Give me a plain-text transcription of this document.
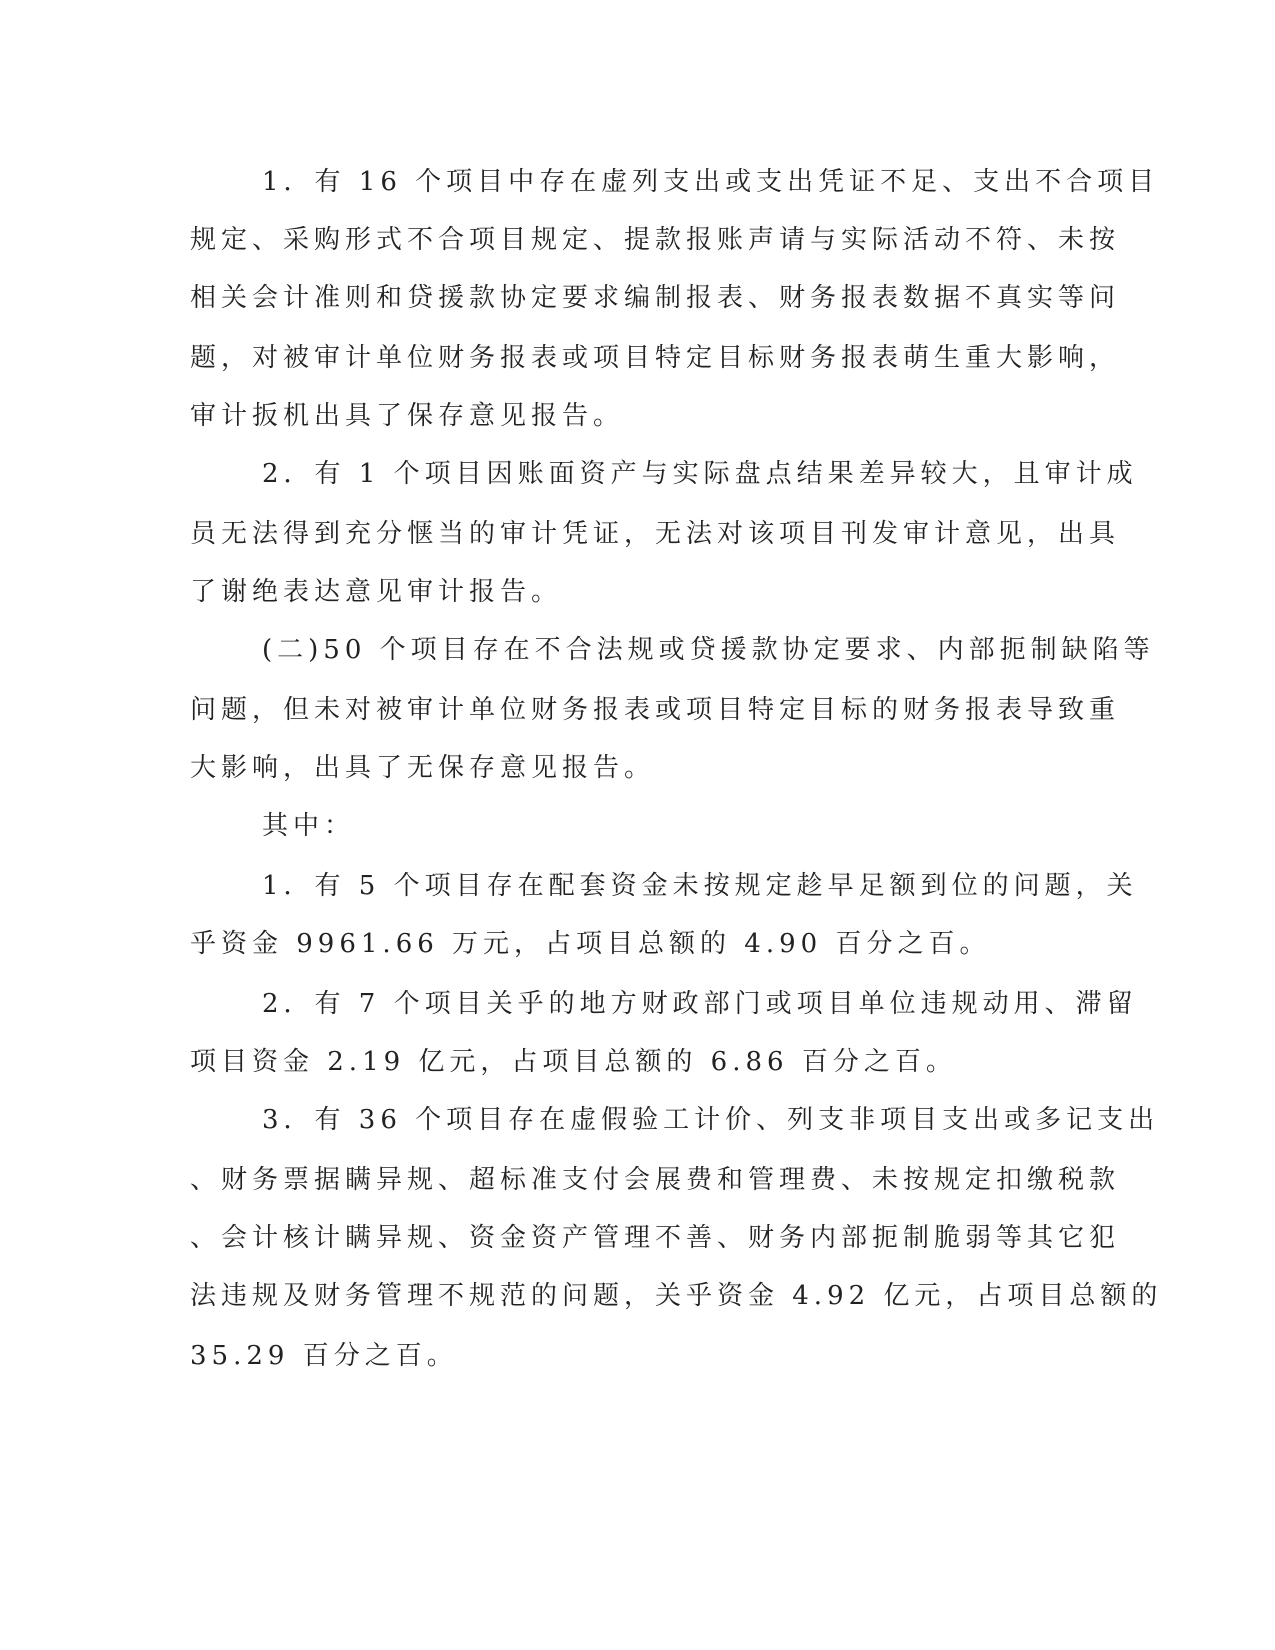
1．有 16 个项目中存在虚列支出或支出凭证不足、支出不合项目
规定、采购形式不合项目规定、提款报账声请与实际活动不符、未按
相关会计准则和贷援款协定要求编制报表、财务报表数据不真实等问
题，对被审计单位财务报表或项目特定目标财务报表萌生重大影响，
审计扳机出具了保存意见报告。
2．有 1 个项目因账面资产与实际盘点结果差异较大，且审计成
员无法得到充分惬当的审计凭证，无法对该项目刊发审计意见，出具
了谢绝表达意见审计报告。
(二)50 个项目存在不合法规或贷援款协定要求、内部扼制缺陷等
问题，但未对被审计单位财务报表或项目特定目标的财务报表导致重
大影响，出具了无保存意见报告。
其中：
1．有 5 个项目存在配套资金未按规定趁早足额到位的问题，关
乎资金 9961.66 万元，占项目总额的 4.90 百分之百。
2．有 7 个项目关乎的地方财政部门或项目单位违规动用、滞留
项目资金 2.19 亿元，占项目总额的 6.86 百分之百。
3．有 36 个项目存在虚假验工计价、列支非项目支出或多记支出
、财务票据瞒异规、超标准支付会展费和管理费、未按规定扣缴税款
、会计核计瞒异规、资金资产管理不善、财务内部扼制脆弱等其它犯
法违规及财务管理不规范的问题，关乎资金 4.92 亿元，占项目总额的
35.29 百分之百。
